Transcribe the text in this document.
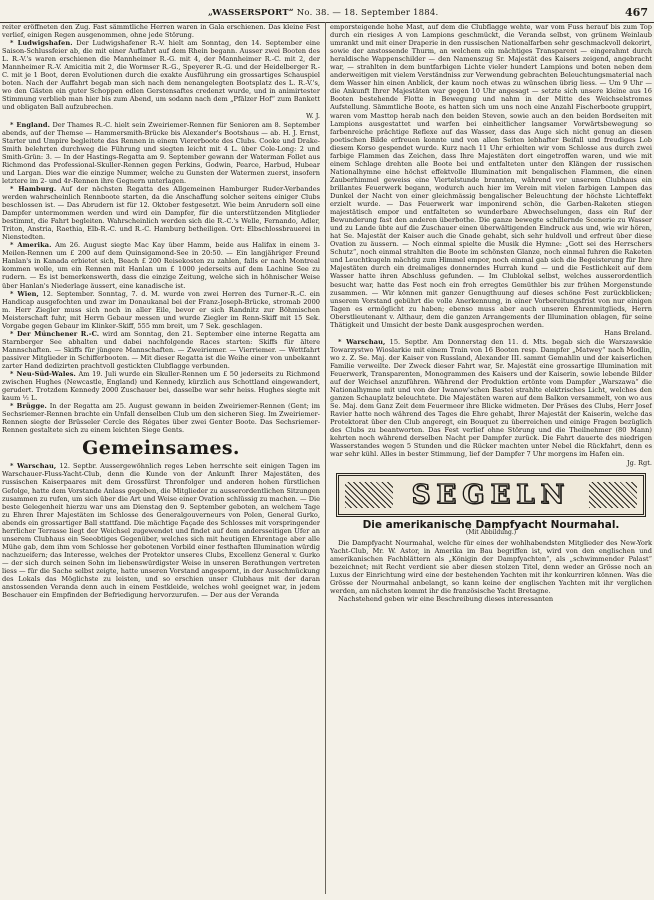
„WASSERSPORT“ No. 38. — 18. September 1884.	467

reiter eröffneten den Zug. Fast sämmtliche Herren waren in Gala erschienen. Das kleine Fest verlief, einigen Regen ausgenommen, ohne jede Störung.

* Ludwigshafen. Der Ludwigshafener R.-V. hielt am Sonntag, den 14. September eine Saison-Schlussfeier ab, die mit einer Auffahrt auf dem Rhein begann. Ausser zwei Booten des L. R.-V.'s waren erschienen die Mannheimer R.-G. mit 4, der Mannheimer R.-C. mit 2, der Mannheimer R.-V. Amicitia mit 2, die Wormser R.-G., Speyerer R.-G. und der Heidelberger R.-C. mit je 1 Boot, deren Evolutionen durch die exakte Ausführung ein grossartiges Schauspiel boten. Nach der Auffahrt begab man sich nach dem nenangelegten Bootsplatz des L. R.-V.'s, wo den Gästen ein guter Schoppen edlen Gerstensaftes credenzt wurde, und in animirtester Stimmung verblieb man hier bis zum Abend, um sodann nach dem „Pfälzer Hof“ zum Bankett und obligaten Ball aufzubrechen.

W. J.

* England. Der Thames R.-C. hielt sein Zweiriemer-Rennen für Senioren am 8. September abends, auf der Themse — Hammersmith-Brücke bis Alexander's Bootshaus — ab. H. J. Ernst, Starter und Umpire begleitete das Rennen in einem Viererboote des Clubs. Cooke und Drake-Smith belehrten durchweg die Führung und siegten leicht mit 4 L. über Cole-Long: 2 und Smith-Grün: 3. — In der Hastings-Regatta am 9. September gewann der Waterman Follet aus Richmond das Professional-Skuller-Rennen gegen Perkins, Godwin, Pearce, Harbud, Hubear und Largan. Dies war die einzige Nummer, welche zu Gunsten der Watermen zuerst, insofern letztere im 2- und 4r-Rennen ihre Gegnern unterlagen.

* Hamburg. Auf der nächsten Regatta des Allgemeinen Hamburger Ruder-Verbandes werden wahrscheinlich Rennboote starten, da die Anschaffung solcher seitens einiger Clubs beschlossen ist. — Das Abrudern ist für 12. Oktober festgesetzt. Wie beim Anrudern soll eine Dampfer untermommen werden und wird ein Dampfer, für die unterstützenden Mitglieder bestimmt, die Fahrt begleiten. Wahrscheinlich werden sich die R.-C.'s Welle, Fernando, Adler, Triton, Anstria, Raethia, Elb-R.-C. und R.-C. Hamburg betheiligen. Ort: Elbschlossbrauerei in Nienstedten.

* Amerika. Am 26. August siegte Mac Kay über Hamm, beide aus Halifax in einem 3-Meilen-Rennen um £ 200 auf dem Quinsigamond-See in 20:50. — Ein langjähriger Freund Hanlan's in Kanada erbietet sich, Beach £ 200 Reisekosten zu zahlen, falls er nach Montreal kommen wolle, um ein Rennen mit Hanlan um £ 1000 jederseits auf dem Lachine See zu rudern. — Es ist bemerkenswerth, dass die einzige Zeitung, welche sich in höhnischer Weise über Hanlan's Niederlage äussert, eine kanadische ist.

* Wien, 12. September. Sonntag, 7. d. M. wurde von zwei Herren des Turner-R.-C. ein Handicap ausgefochten und zwar im Donaukanal bei der Franz-Joseph-Brücke, stromab 2000 m. Herr Ziegler muss sich noch in aller Eile, bevor er sich Randnitz zur Böhmischen Meisterschaft fuhr, mit Herrn Gebaur messen und wurde Ziegler im Renn-Skiff mit 15 Sek. Vorgabe gegen Gebaur im Klinker-Skiff, 555 mm breit, um 7 Sek. geschlagen.

* Der Münchener R.-C. wird am Sonntag, den 21. September eine interne Regatta am Starnberger See abhalten und dabei nachfolgende Races starten: Skiffs für ältere Mannschaften. — Skiffs für jüngere Mannschaften. — Zweiriemer. — Vierriemer. — Wettfahrt passiver Mitglieder in Schifferbooten. — Mit dieser Regatta ist die Weihe einer von unbekannt zarter Hand dedizirten prachtvoll gestickten Clubflagge verbunden.

* Neu-Süd-Wales. Am 19. Juli wurde ein Skuller-Rennen um £ 50 jederseits zu Richmond zwischen Hughes (Newcastle, England) und Kennedy, kürzlich aus Schottland eingewandert, gerudert. Trotzdem Kennedy 2000 Zuschauer bei, dasselbe war sehr heiss. Hughes siegte mit kaum ½ L.

* Brügge. In der Regatta am 25. August gewann in beiden Zweiriemer-Rennen (Gent; im Sechsriemer-Rennen brachte ein Unfall denselben Club um den sicheren Sieg. Im Zweiriemer-Rennen siegte der Brüsseler Cercle des Régates über zwei Genter Boote. Das Sechsriemer-Rennen gestaltete sich zu einem leichten Siege Gents.

Gemeinsames.

* Warschau, 12. Septbr. Aussergewöhnlich reges Leben herrschte seit einigen Tagen im Warschauer-Fluss-Yacht-Club, denn die Kunde von der Ankunft Ihrer Majestäten, des russischen Kaiserpaares mit dem Grossfürst Thronfolger und anderen hohen fürstlichen Gefolge, hatte dem Vorstande Anlass gegeben, die Mitglieder zu ausserordentlichen Sitzungen zusammen zu rufen, um sich über die Art und Weise einer Ovation schlüssig zu machen. — Die beste Gelegenheit hierzu war uns am Dienstag den 9. September geboten, an welchem Tage zu Ehren Ihrer Majestäten im Schlosse des Generalgouverneurs von Polen, General Gurko, abends ein grossartiger Ball stattfand. Die mächtige Façade des Schlosses mit vorspringender herrlicher Terrasse liegt der Weichsel zugewendet und findet auf dem andersseitigen Ufer an unserem Clubhaus ein Seeobtiges Gegenüber, welches sich mit heutigen Ehrentage aber alle Mühe gab, dem ihm vom Schlosse her gebotenen Vorbild einer festhaften Illumination würdig nachzueifern; das Interesse, welches der Protektor unseres Clubs, Excellenz General v. Gurko — der sich durch seinen Sohn im liebenswürdigster Weise in unseren Berathungen vertreten liess — für die Sache selbst zeigte, hatte unseren Vorstand angespornt, in der Ausschmückung des Lokals das Möglichste zu leisten, und so erschien unser Clubhaus mit der daran anstossenden Veranda denn auch in einem Festkleide, welches wohl geeignet war, in jedem Beschauer ein Empfinden der Befriedigung hervorzurufen. — Der aus der Veranda

emporsteigende hohe Mast, auf dem die Clubflagge wehte, war vom Fuss herauf bis zum Top durch ein riesiges A von Lampions geschmückt, die Veranda selbst, von grünem Weinlaub umrankt und mit einer Draperie in den russischen Nationalfarben sehr geschmackvoll dekorirt, sowie der anstossende Thurm, an welchem ein mächtiges Transparent — eingerahmt durch heraldische Wappenschilder — den Namenszug Sr. Majestät des Kaisers zeigend, angebracht war, — strahlten in dem buntfarbigen Lichte vieler hundert Lampions und boten neben dem anderweitigen mit vielem Verständniss zur Verwendung gebrachten Beleuchtungsmaterial nach dem Wasser hin einen Anblick, der kaum noch etwas zu wünschen übrig liess. — Um 9 Uhr — die Ankunft Ihrer Majestäten war gegen 10 Uhr angesagt — setzte sich unsere kleine aus 16 Booten bestehende Flotte in Bewegung und nahm in der Mitte des Weichselstromes Aufstellung. Sämmtliche Boote, es hatten sich um uns noch eine Anzahl Fischerboote gruppirt, waren vom Masttop herab nach den beiden Steven, sowie auch an den beiden Bordseiten mit Lampions ausgestattet und warfen bei einheitlicher langsamer Vorwärtsbewegung so farbenreiche prächtige Reflexe auf das Wasser, dass das Auge sich nicht genug an diesen poetischen Bilde erfreuen konnte und von allen Seiten lebhafter Beifall und freudiges Lob diesem Korso gespendet wurde. Kurz nach 11 Uhr erhielten wir vom Schlosse aus durch zwei farbige Flammen das Zeichen, dass Ihre Majestäten dort eingetroffen waren, und wie mit einem Schlage drehten alle Boote bei und entfalteten unter den Klängen der russischen Nationalhymne eine höchst effektvolle Illumination mit bengalischen Flammen, die einen Zauberhimmel geweiss eine Viertelstunde brannten, während vor unserem Clubhaus ein brillantes Feuerwerk begann, wodurch auch hier im Verein mit vielen farbigen Lampen das Dunkel der Nacht von einer gleichmässig bengalischer Beleuchtung der höchste Lichteffekt erzielt wurde. — Das Feuerwerk war imponirend schön, die Garben-Raketen stiegen majestätisch empor und entfalteten so wunderbare Abwechselungen, dass ein Ruf der Bewunderung fast den anderen überbothe. Die ganze bewegte schillernde Scenerie zu Wasser und zu Lande übte auf die Zuschauer einen überwältigenden Eindruck aus und, wie wir hören, hat Se. Majestät der Kaiser auch die Gnade gehabt, sich sehr huldvoll und erfreut über diese Ovation zu äussern. — Noch einmal spielte die Musik die Hymne: „Gott sei des Herrschers Schutz“, noch einmal strahlten die Boote im schönsten Glanze, noch einmal fuhren die Raketen und Leuchtkugeln mächtig zum Himmel empor, noch einmal gab sich die Begeisterung für Ihre Majestäten durch ein dreimaliges donnerndes Hurrah kund — und die Festlichkeit auf dem Wasser hatte ihren Abschluss gefunden. — Im Clublokal selbst, welches ausserordentlich besucht war, hatte das Fest noch ein froh erregtes Gemüthler bis zur frühen Morgenstunde zusammen. — Wir können mit ganzer Genugthuung auf dieses schöne Fest zurückblicken; unserem Vorstand gebührt die volle Anerkennung, in einer Vorbereitungsfrist von nur einigen Tagen es ermöglicht zu haben; ebenso muss aber auch unseren Ehrenmitglieds, Herrn Oberstlieutenant v. Althaur, dem die ganzen Arrangements der Illumination oblagen, für seine Thätigkeit und Umsicht der beste Dank ausgesprochen werden.

Hans Breland.

* Warschau, 15. Septbr. Am Donnerstag den 11. d. Mts. begab sich die Warszawskie Towarzystwo Wioslarkie mit einem Train von 16 Booten resp. Dampfer „Matwey“ nach Modlin, wo z. Z. Se. Maj. der Kaiser von Russland, Alexander III. sammt Gemahlin und der kaiserlichen Familie verweilte. Der Zweck dieser Fahrt war, Sr. Majestät eine grossartige Illumination mit Feuerwerk, Transparenten, Monogrammen des Kaisers und der Kaiserin, sowie lebende Bilder auf der Weichsel anzuführen. Während der Produktion ertönte vom Dampfer „Warszawa“ die Nationalhymne mit und von der Iwanow'schen Bastei strahlte elektrisches Licht, welches den ganzen Schauplatz beleuchtete. Die Majestäten waren auf dem Balkon versammelt, von wo aus Se. Maj. dem Ganz Zeit dem Feuermeer ihre Blicke widmeten. Der Präses des Clubs, Herr Josef Ravier hatte noch während des Tages die Ehre gehabt, Ihrer Majestät der Kaiserin, welche das Protektorat über den Club angeregt, ein Bouquet zu überreichen und einige Fragen bezüglich des Clubs zu beantworten. Das Fest verlief ohne Störung und die Theilnehmer (80 Mann) kehrten noch während derselben Nacht per Dampfer zurück. Die Fahrt dauerte des niedrigen Wasserstandes wegen 5 Stunden und die Rücker machten unter Nebel die Rückfahrt, denn es war sehr kühl. Alles in bester Stimmung, lief der Dampfer 7 Uhr morgens im Hafen ein.

Jg. Rgt.

SEGELN
Die amerikanische Dampfyacht Nourmahal.

(Mit Abbildung.)

Die Dampfyacht Nourmahal, welche für eines der wohlhabendsten Mitglieder des New-York Yacht-Club, Mr. W. Astor, in Amerika im Bau begriffen ist, wird von den englischen und amerikanischen Fachblättern als „Königin der Dampfyachten“, als „schwimmender Palast“ bezeichnet; mit Recht verdient sie aber diesen stolzen Titel, denn weder an Grösse noch an Luxus der Einrichtung wird eine der bestehenden Yachten mit ihr konkurriren können. Was die Grösse der Nourmahal anbelangt, so kann keine der englischen Yachten mit ihr verglichen werden, am nächsten kommt ihr die französische Yacht Bretagne.

Nachstehend geben wir eine Beschreibung dieses interessanten
